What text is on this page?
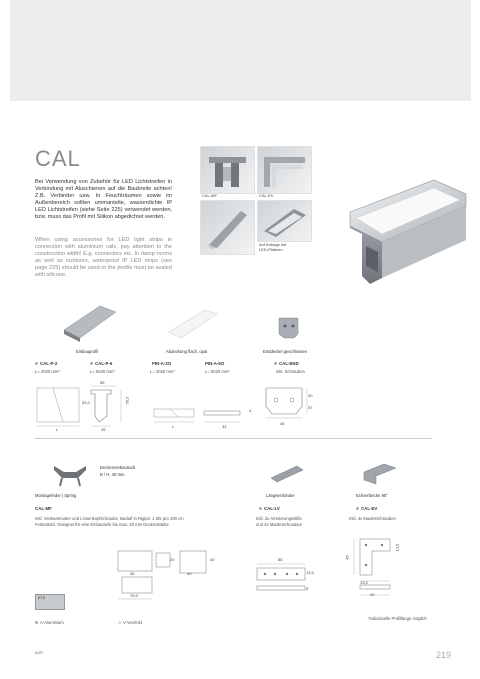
CAL
Bei Verwendung von Zubehör für LED Lichtstreifen in Verbindung mit Aluschienen auf die Baubreite achten! Z.B. Verbinder usw. In Feuchträumen sowie im Außenbereich sollten ummantelte, wasserdichte IP LED Lichtstreifen (siehe Seite 225) verwendet werden, bzw. muss das Profil mit Silikon abgedichtet werden.
When using accessories for LED light strips in connection with aluminium rails, pay attention to the construction width! E.g. connectors etc. In damp rooms as well as outdoors, waterproof IP LED strips (see page 225) should be used or the profile must be sealed with silicone.
CAL-MF	CAL-EV
Auf Anfrage mit
LED-Platinen
Einbauprofil	Abdeckung flach, opal	Endde​ckel geschlossen
CAL-P-2
L= 2020 mm*
CAL-P-5
L= 5020 mm*
PIN-A-2O
L= 2020 mm*
PIN-A-5O
L= 5020 mm*
CAL-END
inkl. Schrauben
56
53,2	56,5
L	45
L	33
4
45
30
57
Deckeneinbaumaß
B / H: 40 mm
Montagefeder | Spring
CAL-MF
Inkl. Vierkantmutter und Linsenkopfschraube, Bedarf in Rigips: 1 Stk pro 100 cm
Federstahl. Geeignet für eine Einbautiefe bis max. 20 mm Deckenstärke
36	40
76,5
20	40
Längsverbinder
CAL-LV
Inkl. 2x Arretierungsstifte
und 4x Madenschrauben
86
13,5
5
Eckverbinder 90°
CAL-EV
Inkl. 4x Madenschrauben
45
13,5
13,5
40
ETS
A-Aluminium	V-Verzinkt
*individuelle Profillänge möglich
AGR	219
